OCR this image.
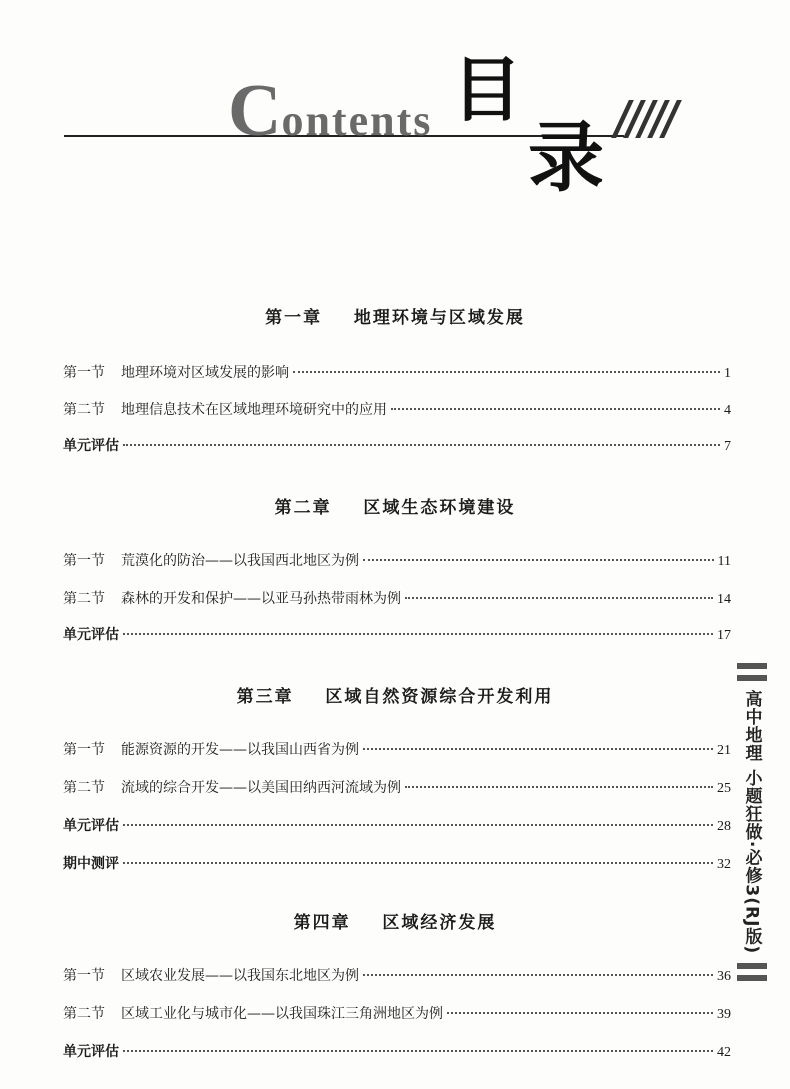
Contents 目
录
第一章    地理环境与区域发展
第一节 地理环境对区域发展的影响	1
第二节 地理信息技术在区域地理环境研究中的应用	4
单元评估	7
第二章    区域生态环境建设
第一节 荒漠化的防治——以我国西北地区为例	11
第二节 森林的开发和保护——以亚马孙热带雨林为例	14
单元评估	17
第三章    区域自然资源综合开发利用
第一节 能源资源的开发——以我国山西省为例	21
第二节 流域的综合开发——以美国田纳西河流域为例	25
单元评估	28
期中测评	32
第四章    区域经济发展
第一节 区域农业发展——以我国东北地区为例	36
第二节 区域工业化与城市化——以我国珠江三角洲地区为例	39
单元评估	42
高中地理 小题狂做·必修3(RJ版)
